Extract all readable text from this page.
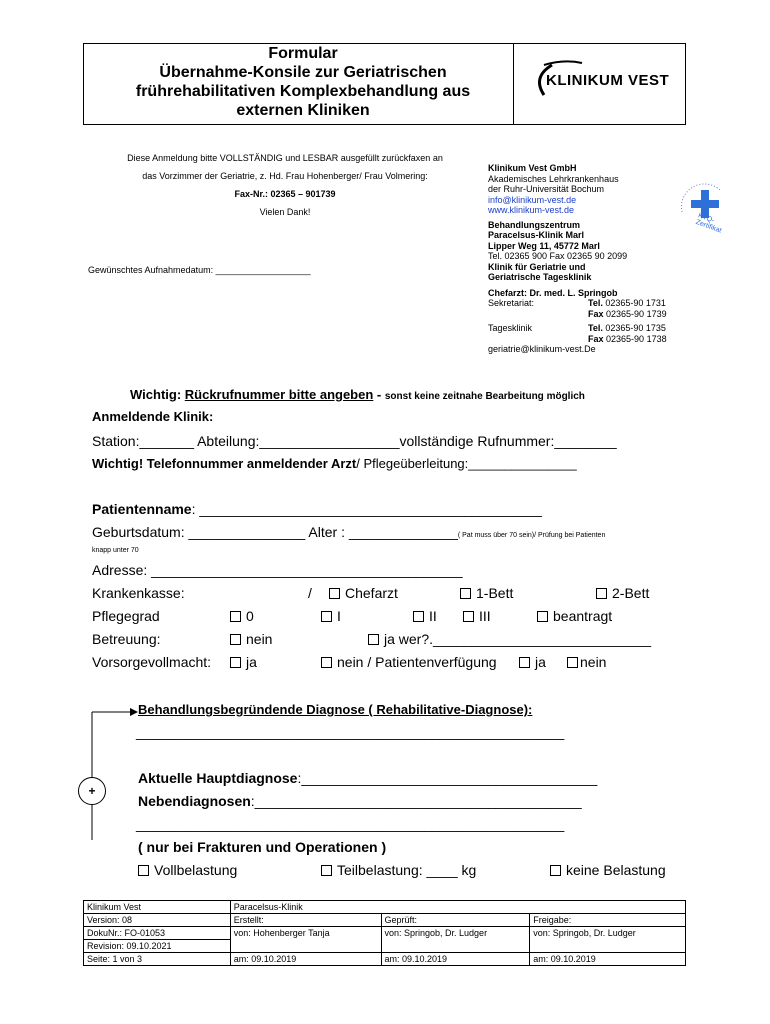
Formular
Übernahme-Konsile zur Geriatrischen
frührehabilitativen Komplexbehandlung aus
externen Kliniken
KLINIKUM VEST
Diese Anmeldung bitte VOLLSTÄNDIG und LESBAR ausgefüllt zurückfaxen an
das Vorzimmer der Geriatrie, z. Hd. Frau Hohenberger/ Frau Volmering:
Fax-Nr.: 02365 – 901739
Vielen Dank!
Gewünschtes Aufnahmedatum: ___________________
Klinikum Vest GmbH
Akademisches Lehrkrankenhaus
der Ruhr-Universität Bochum
info@klinikum-vest.de
www.klinikum-vest.de
Behandlungszentrum
Paracelsus-Klinik Marl
Lipper Weg 11, 45772 Marl
Tel. 02365 900 Fax 02365 90 2099
Klinik für Geriatrie und
Geriatrische Tagesklinik
Chefarzt: Dr. med. L. Springob
Sekretariat:	Tel. 02365-90 1731
Fax 02365-90 1739
Tagesklinik	Tel. 02365-90 1735
Fax 02365-90 1738
geriatrie@klinikum-vest.De
KTQ-Zertifikat
Wichtig: Rückrufnummer bitte angeben - sonst keine zeitnahe Bearbeitung möglich
Anmeldende Klinik:
Station:_______ Abteilung:__________________vollständige Rufnummer:________
Wichtig! Telefonnummer anmeldender Arzt/ Pflegeüberleitung:_______________
Patientenname: ____________________________________________
Geburtsdatum: _______________ Alter : ______________( Pat muss über 70 sein)/ Prüfung bei Patienten
knapp unter 70
Adresse: ________________________________________
Krankenkasse:	/	Chefarzt	1-Bett	2-Bett
Pflegegrad	0	I	II	III	beantragt
Betreuung:	nein	ja wer?.____________________________
Vorsorgevollmacht:	ja	nein / Patientenverfügung	ja	nein
+
Behandlungsbegründende Diagnose ( Rehabilitative-Diagnose):
_______________________________________________________
Aktuelle Hauptdiagnose:______________________________________
Nebendiagnosen:__________________________________________
_______________________________________________________
( nur bei Frakturen und Operationen )
Vollbelastung	Teilbelastung: ____ kg	keine Belastung
Klinikum Vest	Paracelsus-Klinik		
Version: 08	Erstellt:	Geprüft:	Freigabe:
DokuNr.: FO-01053	von: Hohenberger Tanja	von: Springob, Dr. Ludger	von: Springob, Dr. Ludger
Revision: 09.10.2021			
Seite: 1 von 3	am: 09.10.2019	am: 09.10.2019	am: 09.10.2019
